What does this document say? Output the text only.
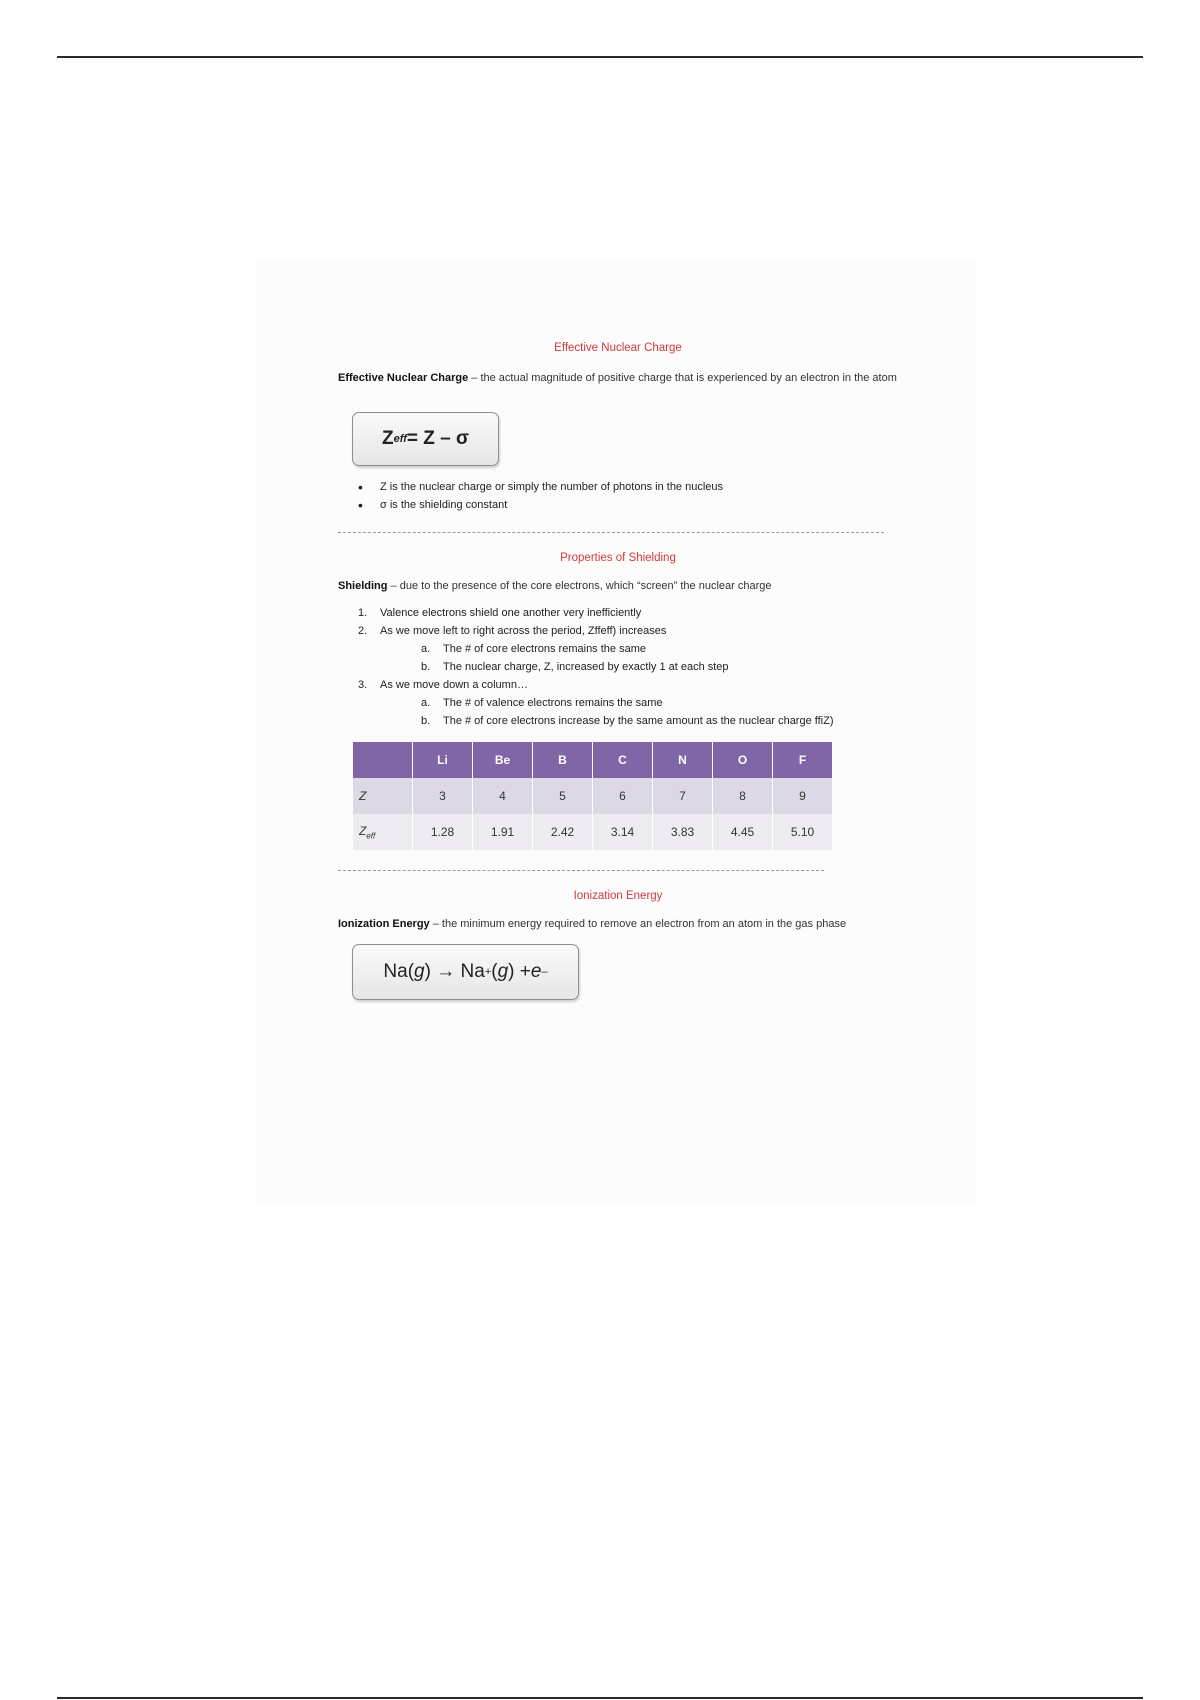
Effective Nuclear Charge
Effective Nuclear Charge – the actual magnitude of positive charge that is experienced by an electron in the atom
Z eff = Z – σ
• Z is the nuclear charge or simply the number of photons in the nucleus
• σ is the shielding constant
Properties of Shielding
Shielding – due to the presence of the core electrons, which “screen” the nuclear charge
1. Valence electrons shield one another very inefficiently
2. As we move left to right across the period, Zffeff) increases
a. The # of core electrons remains the same
b. The nuclear charge, Z, increased by exactly 1 at each step
3. As we move down a column…
a. The # of valence electrons remains the same
b. The # of core electrons increase by the same amount as the nuclear charge ffiZ)
	Li	Be	B	C	N	O	F
Z	3	4	5	6	7	8	9
$Z_{eff}$	1.28	1.91	2.42	3.14	3.83	4.45	5.10
Ionization Energy
Ionization Energy – the minimum energy required to remove an electron from an atom in the gas phase
Na( g ) → Na + ( g ) + e –
